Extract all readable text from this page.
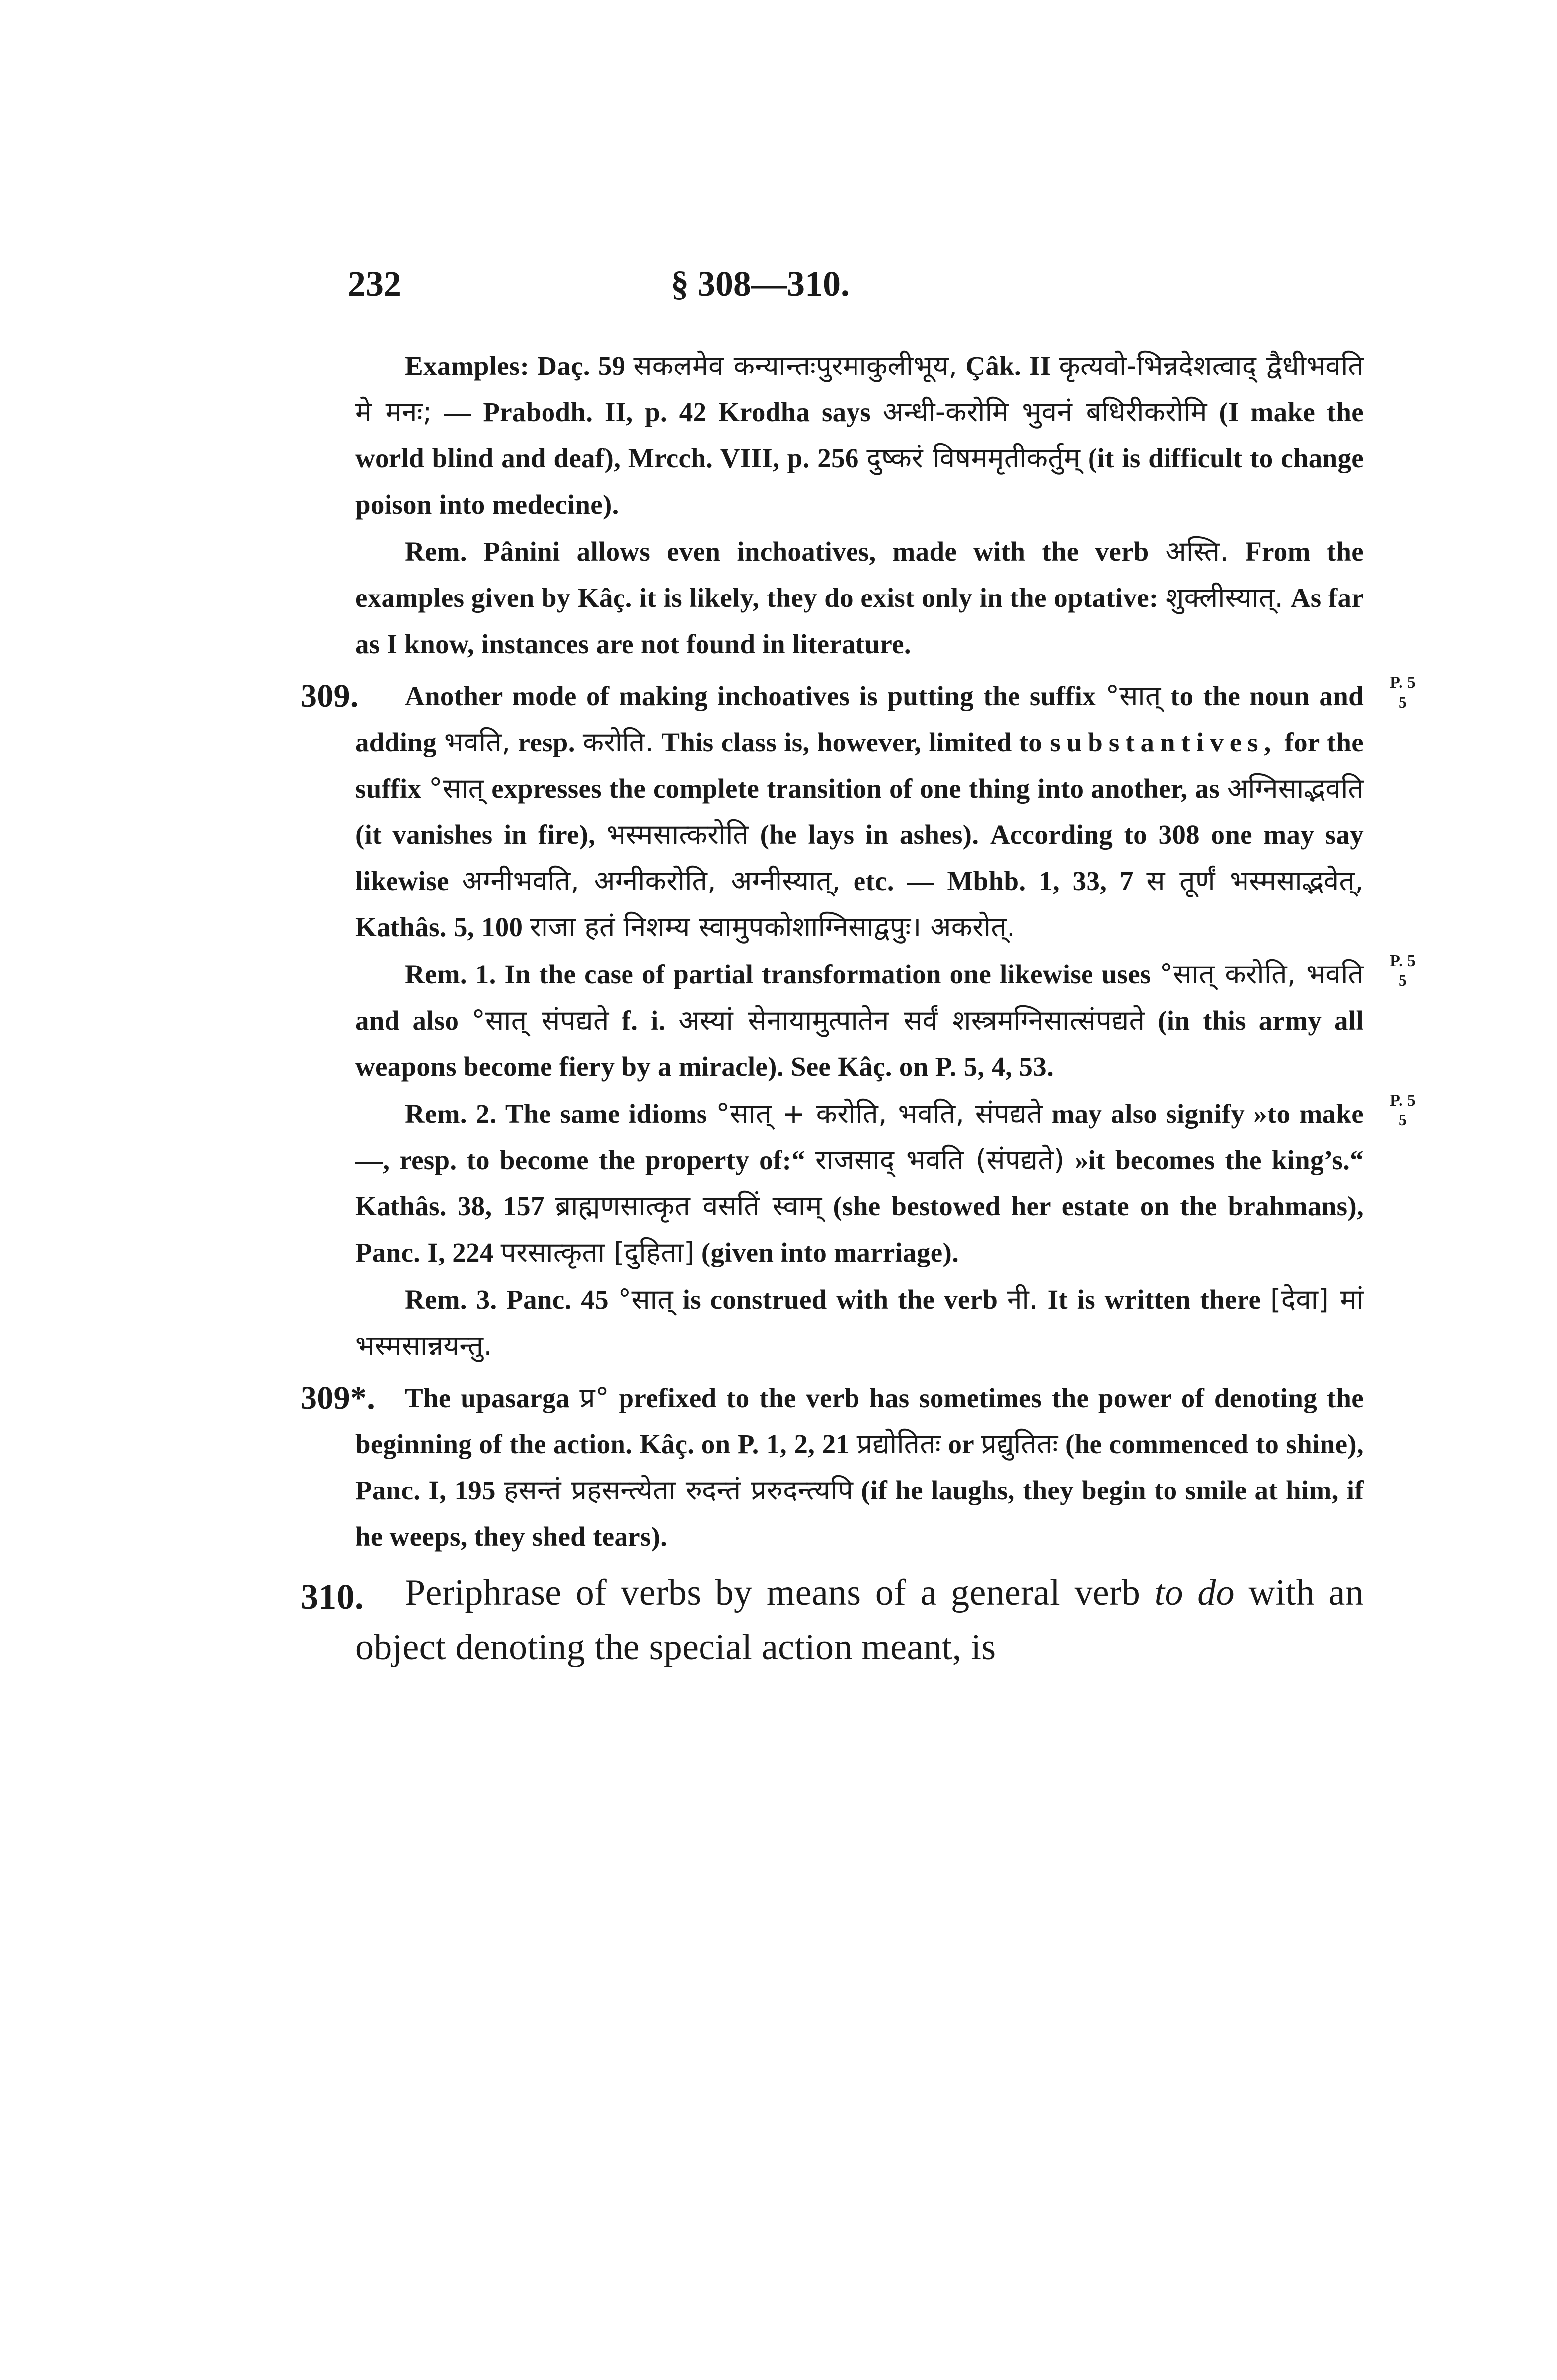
232	§ 308—310.

Examples: Daç. 59 सकलमेव कन्यान्तःपुरमाकुलीभूय, Çâk. II कृत्यवो-भिन्नदेशत्वाद् द्वैधीभवति मे मनः; — Prabodh. II, p. 42 Krodha says अन्धी-करोमि भुवनं बधिरीकरोमि (I make the world blind and deaf), Mrcch. VIII, p. 256 दुष्करं विषममृतीकर्तुम् (it is difficult to change poison into medecine).

Rem. Pânini allows even inchoatives, made with the verb अस्ति. From the examples given by Kâç. it is likely, they do exist only in the optative: शुक्लीस्यात्. As far as I know, instances are not found in literature.

309.	P. 5
5
Another mode of making inchoatives is putting the suffix °सात् to the noun and adding भवति, resp. करोति. This class is, however, limited to substantives, for the suffix °सात् expresses the complete transition of one thing into another, as अग्निसाद्भवति (it vanishes in fire), भस्मसात्करोति (he lays in ashes). According to 308 one may say likewise अग्नीभवति, अग्नीकरोति, अग्नीस्यात्, etc. — Mbhb. 1, 33, 7 स तूर्णं भस्मसाद्भवेत्, Kathâs. 5, 100 राजा हतं निशम्य स्वामुपकोशाग्निसाद्वपुः। अकरोत्.

P. 5
5
Rem. 1. In the case of partial transformation one likewise uses °सात् करोति, भवति and also °सात् संपद्यते f. i. अस्यां सेनायामुत्पातेन सर्वं शस्त्रमग्निसात्संपद्यते (in this army all weapons become fiery by a miracle). See Kâç. on P. 5, 4, 53.

P. 5
5
Rem. 2. The same idioms °सात् + करोति, भवति, संपद्यते may also signify »to make —, resp. to become the property of:“ राजसाद् भवति (संपद्यते) »it becomes the king’s.“ Kathâs. 38, 157 ब्राह्मणसात्कृत वसतिं स्वाम् (she bestowed her estate on the brahmans), Panc. I, 224 परसात्कृता [दुहिता] (given into marriage).

Rem. 3. Panc. 45 °सात् is construed with the verb नी. It is written there [देवा] मां भस्मसान्नयन्तु.

309*. The upasarga प्र° prefixed to the verb has sometimes the power of denoting the beginning of the action. Kâç. on P. 1, 2, 21 प्रद्योतितः or प्रद्युतितः (he commenced to shine), Panc. I, 195 हसन्तं प्रहसन्त्येता रुदन्तं प्ररुदन्त्यपि (if he laughs, they begin to smile at him, if he weeps, they shed tears).

310. Periphrase of verbs by means of a general verb to do with an object denoting the special action meant, is
